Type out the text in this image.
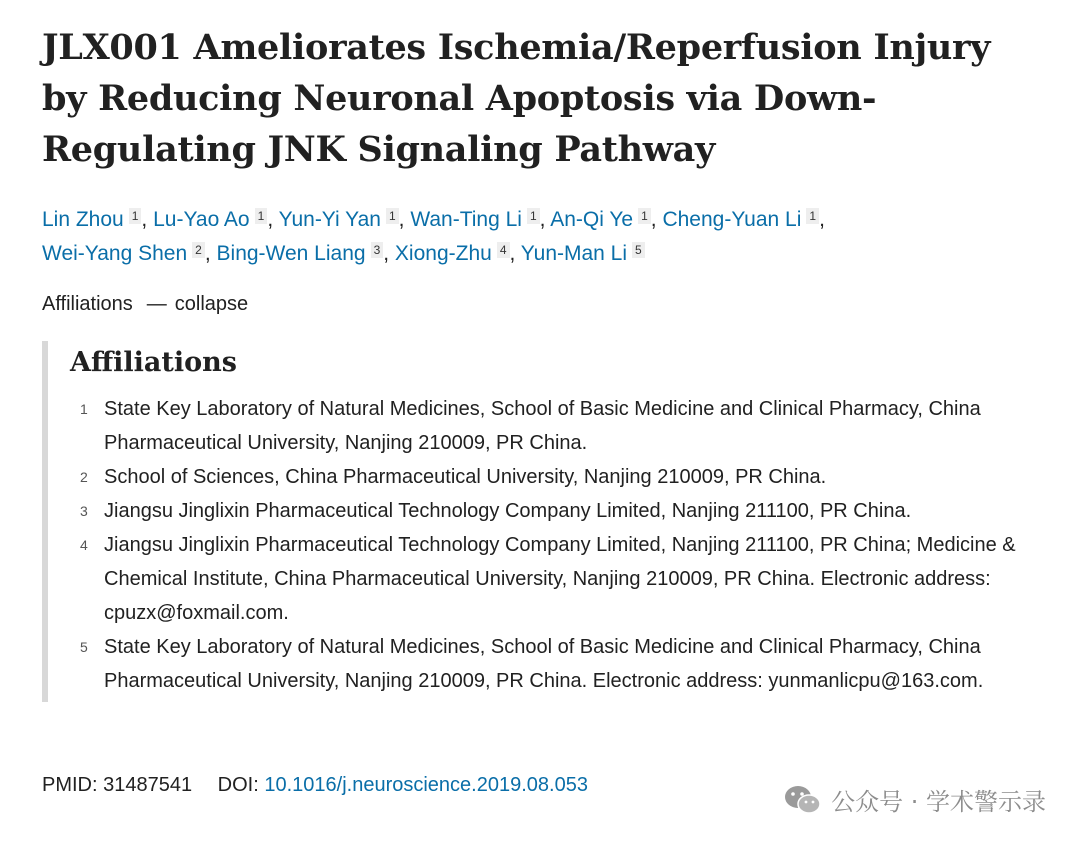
JLX001 Ameliorates Ischemia/Reperfusion Injury by Reducing Neuronal Apoptosis via Down-Regulating JNK Signaling Pathway
Lin Zhou $^1$ , Lu-Yao Ao $^1$ , Yun-Yi Yan $^1$ , Wan-Ting Li $^1$ , An-Qi Ye $^1$ , Cheng-Yuan Li $^1$ ,
Wei-Yang Shen $^2$ , Bing-Wen Liang $^3$ , Xiong-Zhu $^4$ , Yun-Man Li $^5$
Affiliations — collapse
Affiliations
1 State Key Laboratory of Natural Medicines, School of Basic Medicine and Clinical Pharmacy, China Pharmaceutical University, Nanjing 210009, PR China.
2 School of Sciences, China Pharmaceutical University, Nanjing 210009, PR China.
3 Jiangsu Jinglixin Pharmaceutical Technology Company Limited, Nanjing 211100, PR China.
4 Jiangsu Jinglixin Pharmaceutical Technology Company Limited, Nanjing 211100, PR China; Medicine & Chemical Institute, China Pharmaceutical University, Nanjing 210009, PR China. Electronic address: cpuzx@foxmail.com.
5 State Key Laboratory of Natural Medicines, School of Basic Medicine and Clinical Pharmacy, China Pharmaceutical University, Nanjing 210009, PR China. Electronic address: yunmanlicpu@163.com.
PMID: 31487541 DOI: 10.1016/j.neuroscience.2019.08.053
公众号 · 学术警示录
